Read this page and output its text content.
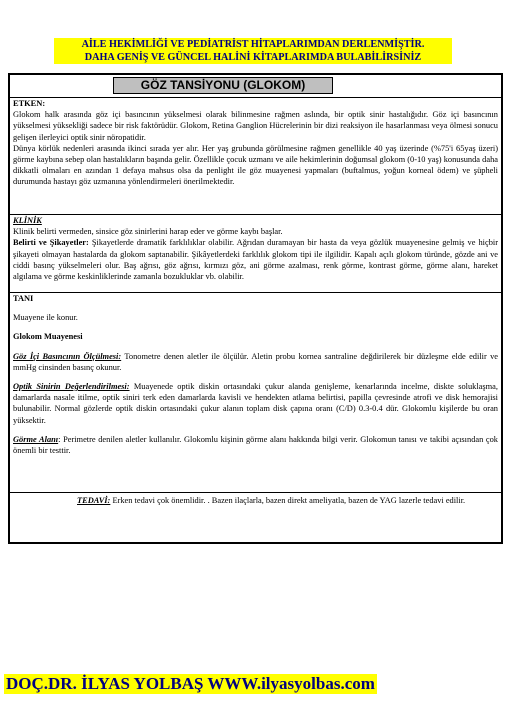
AİLE HEKİMLİĞİ VE PEDİATRİST HİTAPLARIMDAN DERLENMİŞTİR.
DAHA GENİŞ VE GÜNCEL HALİNİ KİTAPLARIMDA BULABİLİRSİNİZ
GÖZ TANSİYONU (GLOKOM)

ETKEN:

Glokom halk arasında göz içi basıncının yükselmesi olarak bilinmesine rağmen aslında, bir optik sinir hastalığıdır. Göz içi basıncının yükselmesi yüksekliği sadece bir risk faktörüdür. Glokom, Retina Ganglion Hücrelerinin bir dizi reaksiyon ile hasarlanması veya ölmesi sonucu gelişen ilerleyici optik sinir nöropatidir.

Dünya körlük nedenleri arasında ikinci sırada yer alır. Her yaş grubunda görülmesine rağmen genellikle 40 yaş üzerinde (%75'i 65yaş üzeri) görme kaybına sebep olan hastalıkların başında gelir. Özellikle çocuk uzmanı ve aile hekimlerinin doğumsal glokom (0-10 yaş) konusunda daha dikkatli olmaları en azından 1 defaya mahsus olsa da penlight ile göz muayenesi yapmaları (buftalmus, yoğun korneal ödem) ve şüpheli durumunda hastayı göz uzmanına yönlendirmeleri önerilmektedir.

KLİNİK

Klinik belirti vermeden, sinsice göz sinirlerini harap eder ve görme kaybı başlar.

Belirti ve Şikayetler: Şikayetlerde dramatik farklılıklar olabilir. Ağrıdan duramayan bir hasta da veya gözlük muayenesine gelmiş ve hiçbir şikayeti olmayan hastalarda da glokom saptanabilir. Şikâyetlerdeki farklılık glokom tipi ile ilgilidir. Kapalı açılı glokom türünde, gözde ani ve ciddi basınç yükselmeleri olur. Baş ağrısı, göz ağrısı, kırmızı göz, ani görme azalması, renk görme, kontrast görme, görme alanı, hareket algılama ve görme keskinliklerinde zamanla bozukluklar vb. olabilir.

TANI

Muayene ile konur.

Glokom Muayenesi

Göz İçi Basıncının Ölçülmesi: Tonometre denen aletler ile ölçülür. Aletin probu kornea santraline değdirilerek bir düzleşme elde edilir ve mmHg cinsinden basınç okunur.

Optik Sinirin Değerlendirilmesi: Muayenede optik diskin ortasındaki çukur alanda genişleme, kenarlarında incelme, diskte soluklaşma, damarlarda nasale itilme, optik siniri terk eden damarlarda kavisli ve hendekten atlama belirtisi, papilla çevresinde atrofi ve disk hemorajisi bulunabilir. Normal gözlerde optik diskin ortasındaki çukur alanın toplam disk çapına oranı (C/D) 0.3-0.4 dür. Glokomlu kişilerde bu oran yüksektir.

Görme Alanı: Perimetre denilen aletler kullanılır. Glokomlu kişinin görme alanı hakkında bilgi verir. Glokomun tanısı ve takibi açısından çok önemli bir testtir.

TEDAVİ: Erken tedavi çok önemlidir. . Bazen ilaçlarla, bazen direkt ameliyatla, bazen de YAG lazerle tedavi edilir.

DOÇ.DR. İLYAS YOLBAŞ WWW.ilyasyolbas.com
